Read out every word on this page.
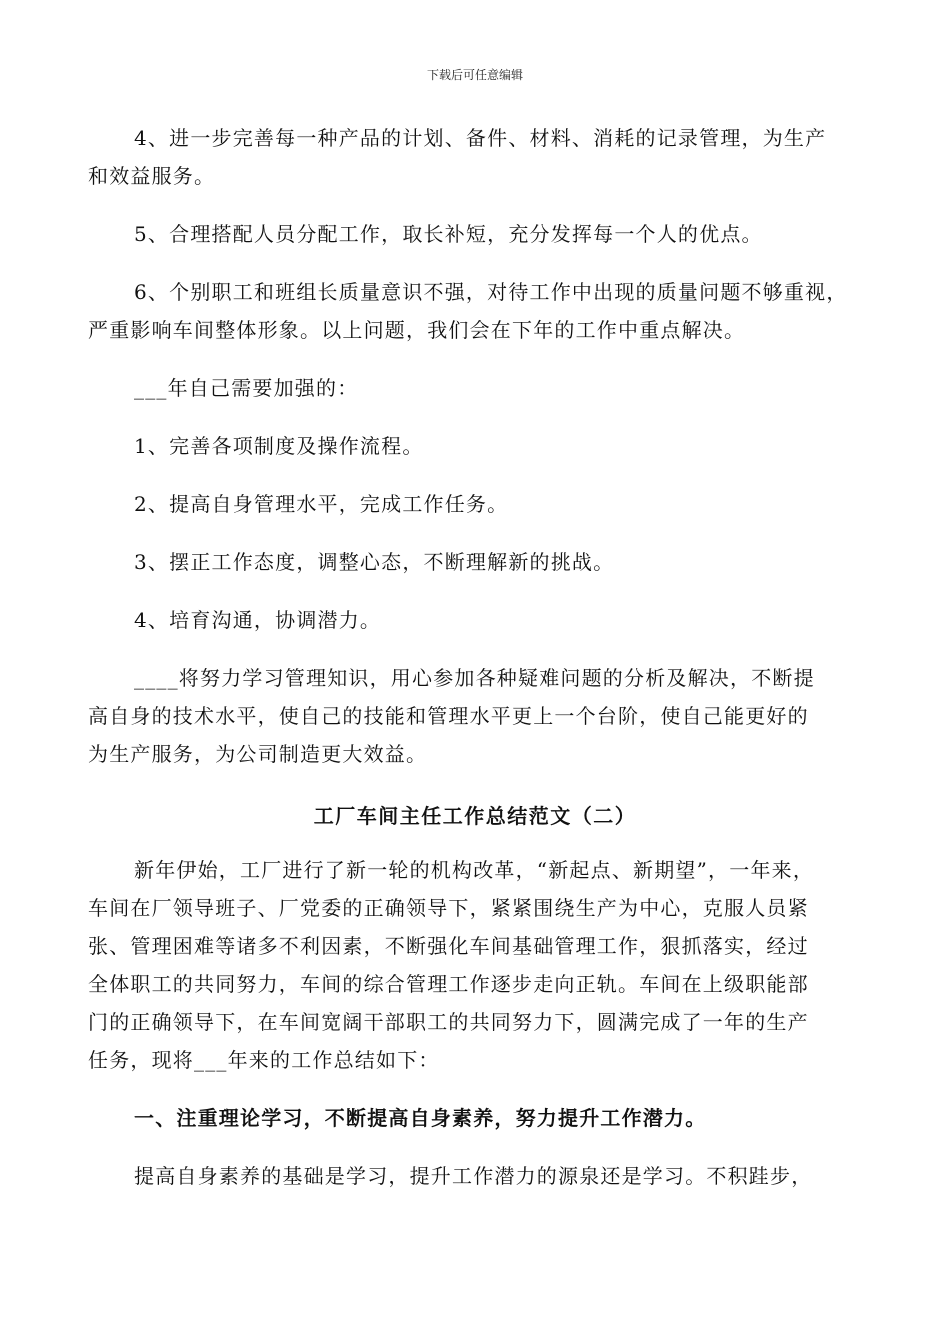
下载后可任意编辑
4、进一步完善每一种产品的计划、备件、材料、消耗的记录管理，为生产
和效益服务。
5、合理搭配人员分配工作，取长补短，充分发挥每一个人的优点。
6、个别职工和班组长质量意识不强，对待工作中出现的质量问题不够重视，
严重影响车间整体形象。以上问题，我们会在下年的工作中重点解决。
___年自己需要加强的：
1、完善各项制度及操作流程。
2、提高自身管理水平，完成工作任务。
3、摆正工作态度，调整心态，不断理解新的挑战。
4、培育沟通，协调潜力。
____将努力学习管理知识，用心参加各种疑难问题的分析及解决，不断提
高自身的技术水平，使自己的技能和管理水平更上一个台阶，使自己能更好的
为生产服务，为公司制造更大效益。
工厂车间主任工作总结范文（二）
新年伊始，工厂进行了新一轮的机构改革，“新起点、新期望”，一年来，
车间在厂领导班子、厂党委的正确领导下，紧紧围绕生产为中心，克服人员紧
张、管理困难等诸多不利因素，不断强化车间基础管理工作，狠抓落实，经过
全体职工的共同努力，车间的综合管理工作逐步走向正轨。车间在上级职能部
门的正确领导下，在车间宽阔干部职工的共同努力下，圆满完成了一年的生产
任务，现将___年来的工作总结如下：
一、注重理论学习，不断提高自身素养，努力提升工作潜力。
提高自身素养的基础是学习，提升工作潜力的源泉还是学习。不积跬步，
